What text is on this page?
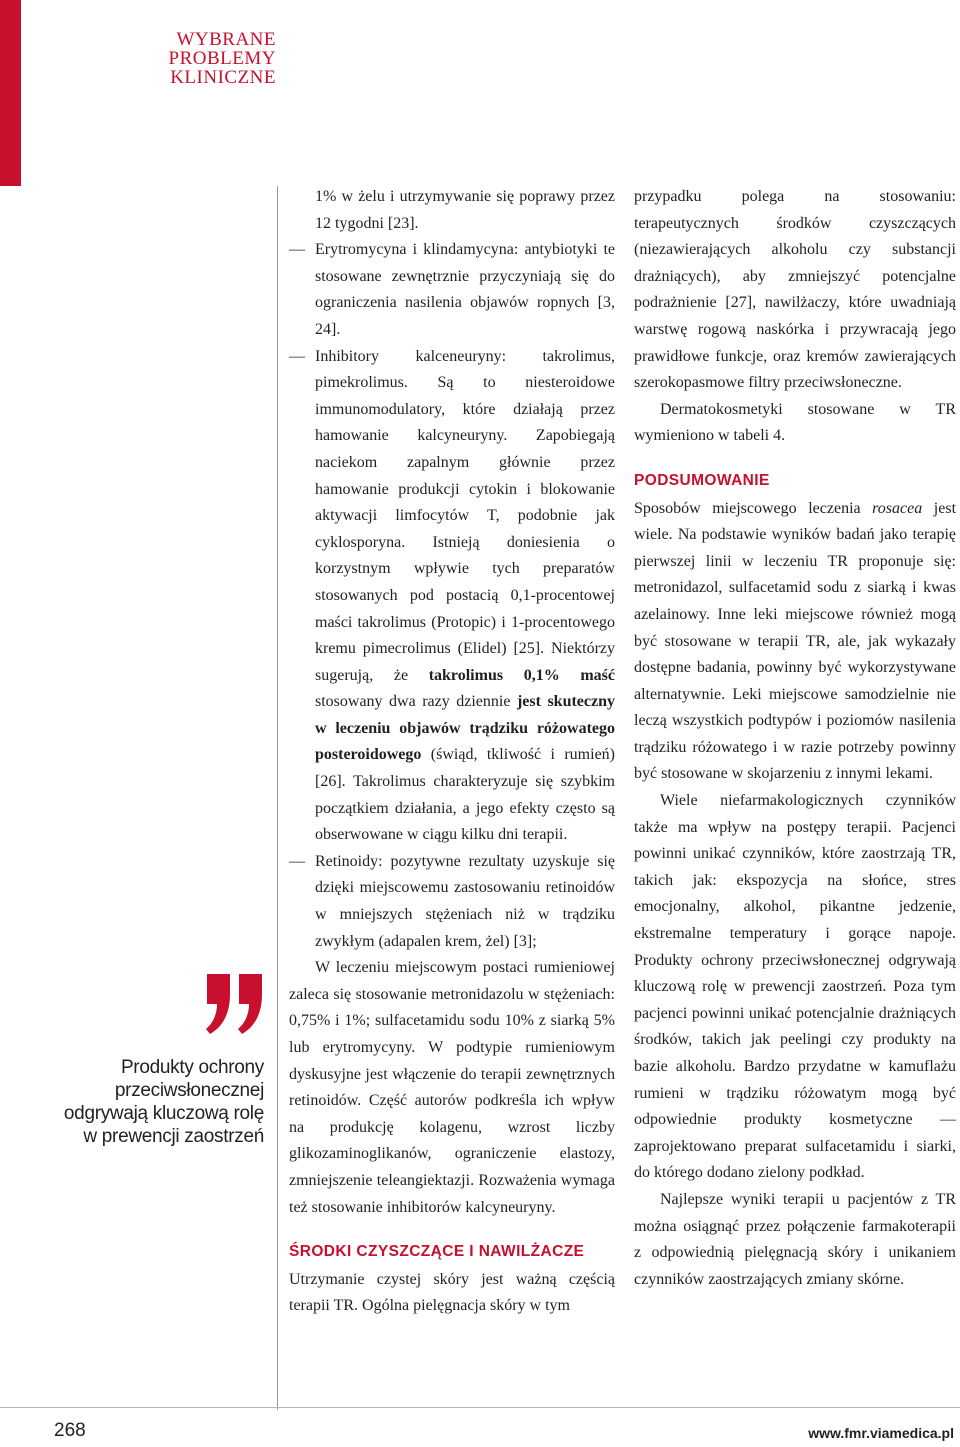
WYBRANE
PROBLEMY
KLINICZNE
Produkty ochrony
przeciwsłonecznej
odgrywają kluczową rolę
w prewencji zaostrzeń

1% w żelu i utrzymywanie się poprawy przez 12 tygodni [23].

— Erytromycyna i klindamycyna: antybiotyki te stosowane zewnętrznie przyczyniają się do ograniczenia nasilenia objawów ropnych [3, 24].

— Inhibitory kalceneuryny: takrolimus, pimekrolimus. Są to niesteroidowe immunomodulatory, które działają przez hamowanie kalcyneuryny. Zapobiegają naciekom zapalnym głównie przez hamowanie produkcji cytokin i blokowanie aktywacji limfocytów T, podobnie jak cyklosporyna. Istnieją doniesienia o korzystnym wpływie tych preparatów stosowanych pod postacią 0,1-procentowej maści takrolimus (Protopic) i 1-procentowego kremu pimecrolimus (Elidel) [25]. Niektórzy sugerują, że takrolimus 0,1% maść stosowany dwa razy dziennie jest skuteczny w leczeniu objawów trądziku różowatego posteroidowego (świąd, tkliwość i rumień) [26]. Takrolimus charakteryzuje się szybkim początkiem działania, a jego efekty często są obserwowane w ciągu kilku dni terapii.

— Retinoidy: pozytywne rezultaty uzyskuje się dzięki miejscowemu zastosowaniu retinoidów w mniejszych stężeniach niż w trądziku zwykłym (adapalen krem, żel) [3];

W leczeniu miejscowym postaci rumieniowej zaleca się stosowanie metronidazolu w stężeniach: 0,75% i 1%; sulfacetamidu sodu 10% z siarką 5% lub erytromycyny. W podtypie rumieniowym dyskusyjne jest włączenie do terapii zewnętrznych retinoidów. Część autorów podkreśla ich wpływ na produkcję kolagenu, wzrost liczby glikozaminoglikanów, ograniczenie elastozy, zmniejszenie teleangiektazji. Rozważenia wymaga też stosowanie inhibitorów kalcyneuryny.

ŚRODKI CZYSZCZĄCE I NAWILŻACZE

Utrzymanie czystej skóry jest ważną częścią terapii TR. Ogólna pielęgnacja skóry w tym

przypadku polega na stosowaniu: terapeutycznych środków czyszczących (niezawierających alkoholu czy substancji drażniących), aby zmniejszyć potencjalne podrażnienie [27], nawilżaczy, które uwadniają warstwę rogową naskórka i przywracają jego prawidłowe funkcje, oraz kremów zawierających szerokopasmowe filtry przeciwsłoneczne.

Dermatokosmetyki stosowane w TR wymieniono w tabeli 4.

PODSUMOWANIE

Sposobów miejscowego leczenia rosacea jest wiele. Na podstawie wyników badań jako terapię pierwszej linii w leczeniu TR proponuje się: metronidazol, sulfacetamid sodu z siarką i kwas azelainowy. Inne leki miejscowe również mogą być stosowane w terapii TR, ale, jak wykazały dostępne badania, powinny być wykorzystywane alternatywnie. Leki miejscowe samodzielnie nie leczą wszystkich podtypów i poziomów nasilenia trądziku różowatego i w razie potrzeby powinny być stosowane w skojarzeniu z innymi lekami.

Wiele niefarmakologicznych czynników także ma wpływ na postępy terapii. Pacjenci powinni unikać czynników, które zaostrzają TR, takich jak: ekspozycja na słońce, stres emocjonalny, alkohol, pikantne jedzenie, ekstremalne temperatury i gorące napoje. Produkty ochrony przeciwsłonecznej odgrywają kluczową rolę w prewencji zaostrzeń. Poza tym pacjenci powinni unikać potencjalnie drażniących środków, takich jak peelingi czy produkty na bazie alkoholu. Bardzo przydatne w kamuflażu rumieni w trądziku różowatym mogą być odpowiednie produkty kosmetyczne — zaprojektowano preparat sulfacetamidu i siarki, do którego dodano zielony podkład.

Najlepsze wyniki terapii u pacjentów z TR można osiągnąć przez połączenie farmakoterapii z odpowiednią pielęgnacją skóry i unikaniem czynników zaostrzających zmiany skórne.

268	www.fmr.viamedica.pl
